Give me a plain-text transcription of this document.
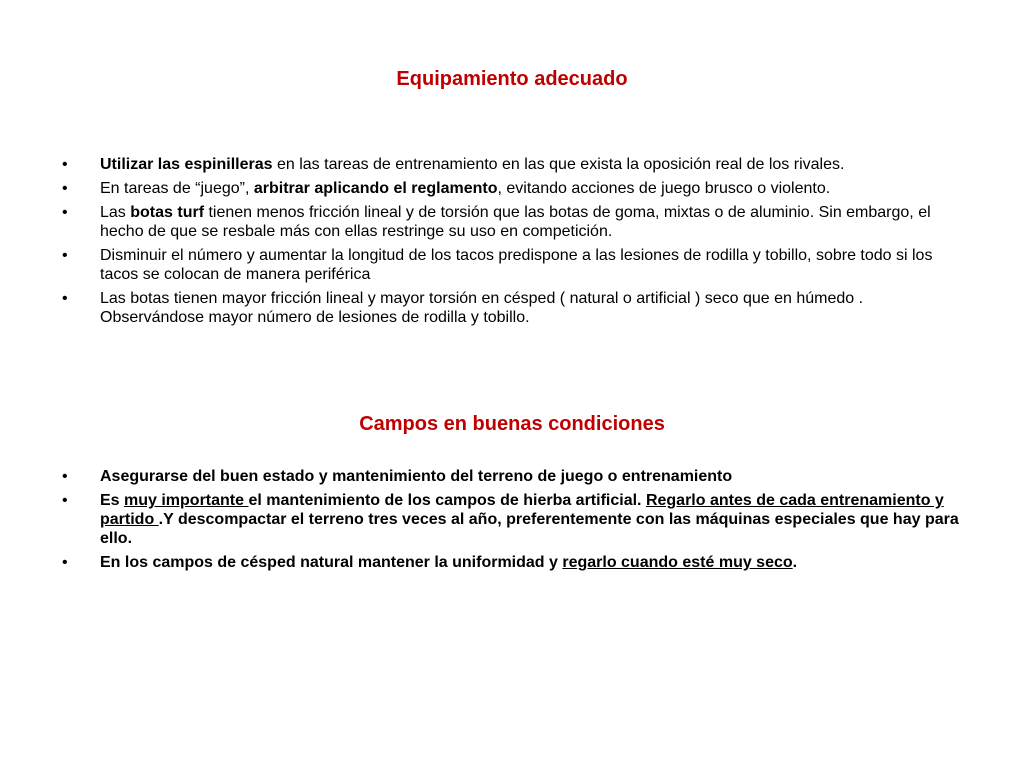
Equipamiento adecuado
•	Utilizar las espinilleras en las tareas de entrenamiento en las que exista la oposición real de los rivales.
•	En tareas de “juego”, arbitrar aplicando el reglamento, evitando acciones de juego brusco o violento.
•	Las botas turf tienen menos fricción lineal y de torsión que las botas de goma, mixtas o de aluminio. Sin embargo, el hecho de que se resbale más con ellas restringe su uso en competición.
•	Disminuir el número y aumentar la longitud de los tacos predispone a las lesiones de rodilla y tobillo, sobre todo si los tacos se colocan de manera periférica
•	Las botas tienen mayor fricción lineal y mayor torsión en césped ( natural o artificial ) seco que en húmedo . Observándose mayor número de lesiones de rodilla y tobillo.
Campos en buenas condiciones
•	Asegurarse del buen estado y mantenimiento del terreno de juego o entrenamiento
•	Es muy importante el mantenimiento de los campos de hierba artificial. Regarlo antes de cada entrenamiento y partido .Y descompactar el terreno tres veces al año, preferentemente con las máquinas especiales que hay para ello.
•	En los campos de césped natural mantener la uniformidad y regarlo cuando esté muy seco.
